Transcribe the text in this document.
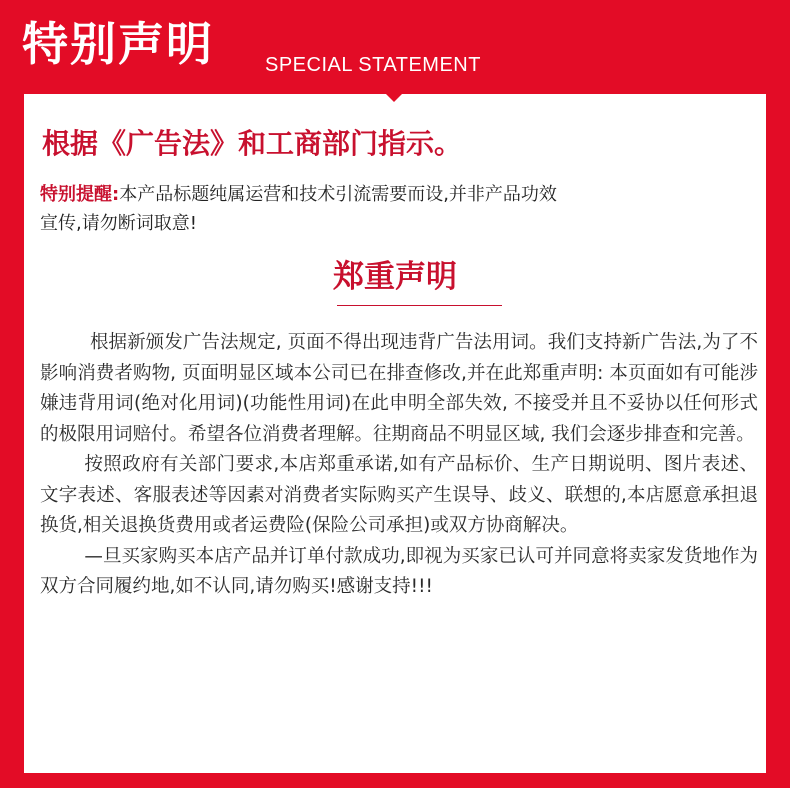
特别声明	SPECIAL STATEMENT
根据《广告法》和工商部门指示。
特别提醒:本产品标题纯属运营和技术引流需要而设,并非产品功效宣传,请勿断词取意!
郑重声明

根据新颁发广告法规定, 页面不得出现违背广告法用词。我们支持新广告法,为了不影响消费者购物, 页面明显区域本公司已在排查修改,并在此郑重声明: 本页面如有可能涉嫌违背用词(绝对化用词)(功能性用词)在此申明全部失效, 不接受并且不妥协以任何形式的极限用词赔付。希望各位消费者理解。往期商品不明显区域, 我们会逐步排查和完善。

按照政府有关部门要求,本店郑重承诺,如有产品标价、生产日期说明、图片表述、文字表述、客服表述等因素对消费者实际购买产生误导、歧义、联想的,本店愿意承担退换货,相关退换货费用或者运费险(保险公司承担)或双方协商解决。

—旦买家购买本店产品并订单付款成功,即视为买家已认可并同意将卖家发货地作为双方合同履约地,如不认同,请勿购买!感谢支持!!!
